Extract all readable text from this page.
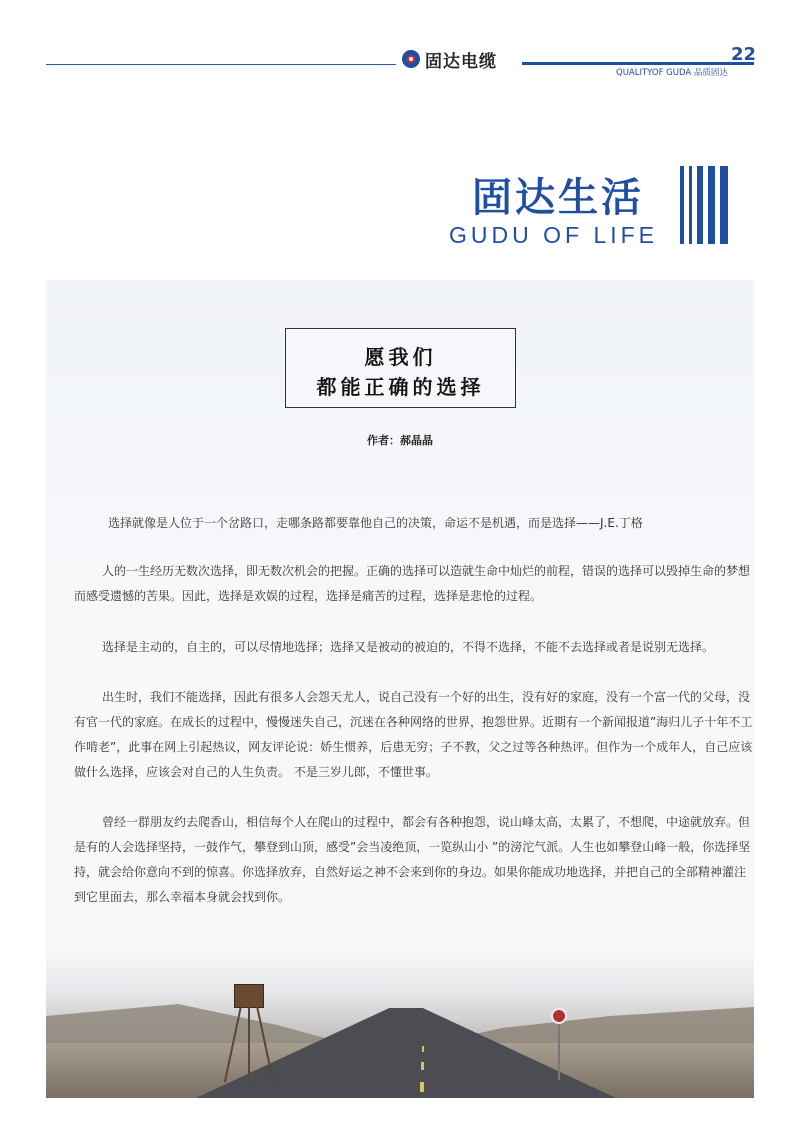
固达电缆	22
QUALITYOF GUDA 品质固达
固达生活
GUDU OF LIFE
愿我们
都能正确的选择
作者：郝晶晶

选择就像是人位于一个岔路口，走哪条路都要靠他自己的决策，命运不是机遇，而是选择——J.E.丁格

人的一生经历无数次选择，即无数次机会的把握。正确的选择可以造就生命中灿烂的前程，错误的选择可以毁掉生命的梦想而感受遗憾的苦果。因此，选择是欢娱的过程，选择是痛苦的过程，选择是悲怆的过程。

选择是主动的，自主的，可以尽情地选择；选择又是被动的被迫的，不得不选择，不能不去选择或者是说别无选择。

出生时，我们不能选择，因此有很多人会怨天尤人，说自己没有一个好的出生，没有好的家庭，没有一个富一代的父母，没有官一代的家庭。在成长的过程中，慢慢迷失自己，沉迷在各种网络的世界，抱怨世界。近期有一个新闻报道”海归儿子十年不工作啃老”，此事在网上引起热议，网友评论说：娇生惯养，后患无穷；子不教，父之过等各种热评。但作为一个成年人，自己应该做什么选择，应该会对自己的人生负责。 不是三岁儿郎，不懂世事。

曾经一群朋友约去爬香山，相信每个人在爬山的过程中，都会有各种抱怨，说山峰太高，太累了，不想爬，中途就放弃。但是有的人会选择坚持，一鼓作气，攀登到山顶，感受”会当凌绝顶，一览纵山小 ”的滂沱气派。人生也如攀登山峰一般，你选择坚持，就会给你意向不到的惊喜。你选择放弃，自然好运之神不会来到你的身边。如果你能成功地选择，并把自己的全部精神灌注到它里面去，那么幸福本身就会找到你。
